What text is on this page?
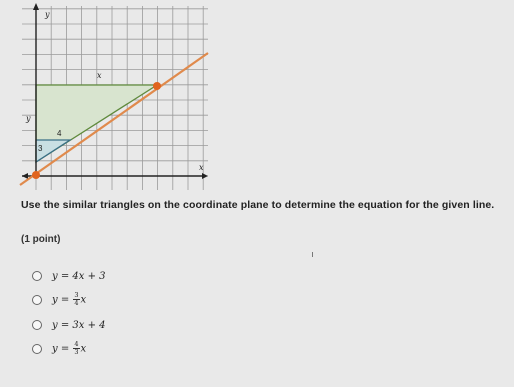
y
x
x
y
4
3
Use the similar triangles on the coordinate plane to determine the equation for the given line.
(1 point)
y = 4x + 3
$y = \frac{3}{4}$ x
y = 3x + 4
$y = \frac{4}{3}$ x
